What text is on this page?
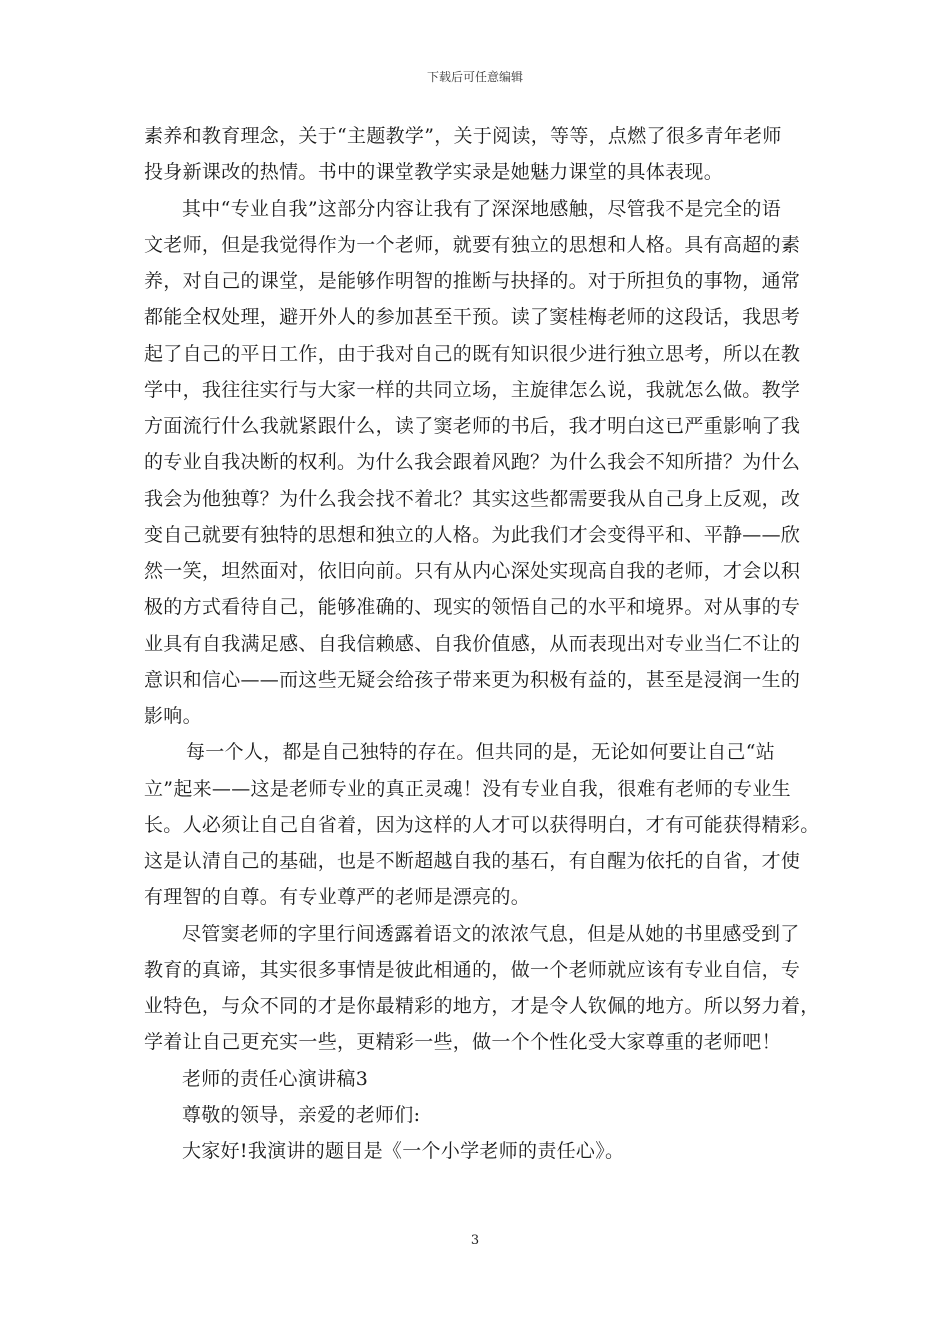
下载后可任意编辑
素养和教育理念，关于“主题教学”，关于阅读，等等，点燃了很多青年老师
投身新课改的热情。书中的课堂教学实录是她魅力课堂的具体表现。
其中“专业自我”这部分内容让我有了深深地感触，尽管我不是完全的语
文老师，但是我觉得作为一个老师，就要有独立的思想和人格。具有高超的素
养，对自己的课堂，是能够作明智的推断与抉择的。对于所担负的事物，通常
都能全权处理，避开外人的参加甚至干预。读了窦桂梅老师的这段话，我思考
起了自己的平日工作，由于我对自己的既有知识很少进行独立思考，所以在教
学中，我往往实行与大家一样的共同立场，主旋律怎么说，我就怎么做。教学
方面流行什么我就紧跟什么，读了窦老师的书后，我才明白这已严重影响了我
的专业自我决断的权利。为什么我会跟着风跑？为什么我会不知所措？为什么
我会为他独尊？为什么我会找不着北？其实这些都需要我从自己身上反观，改
变自己就要有独特的思想和独立的人格。为此我们才会变得平和、平静——欣
然一笑，坦然面对，依旧向前。只有从内心深处实现高自我的老师，才会以积
极的方式看待自己，能够准确的、现实的领悟自己的水平和境界。对从事的专
业具有自我满足感、自我信赖感、自我价值感，从而表现出对专业当仁不让的
意识和信心——而这些无疑会给孩子带来更为积极有益的，甚至是浸润一生的
影响。
每一个人，都是自己独特的存在。但共同的是，无论如何要让自己“站
立”起来——这是老师专业的真正灵魂！没有专业自我，很难有老师的专业生
长。人必须让自己自省着，因为这样的人才可以获得明白，才有可能获得精彩。
这是认清自己的基础，也是不断超越自我的基石，有自醒为依托的自省，才使
有理智的自尊。有专业尊严的老师是漂亮的。
尽管窦老师的字里行间透露着语文的浓浓气息，但是从她的书里感受到了
教育的真谛，其实很多事情是彼此相通的，做一个老师就应该有专业自信，专
业特色，与众不同的才是你最精彩的地方，才是令人钦佩的地方。所以努力着，
学着让自己更充实一些，更精彩一些，做一个个性化受大家尊重的老师吧！
老师的责任心演讲稿3
尊敬的领导，亲爱的老师们:
大家好!我演讲的题目是《一个小学老师的责任心》。
3
